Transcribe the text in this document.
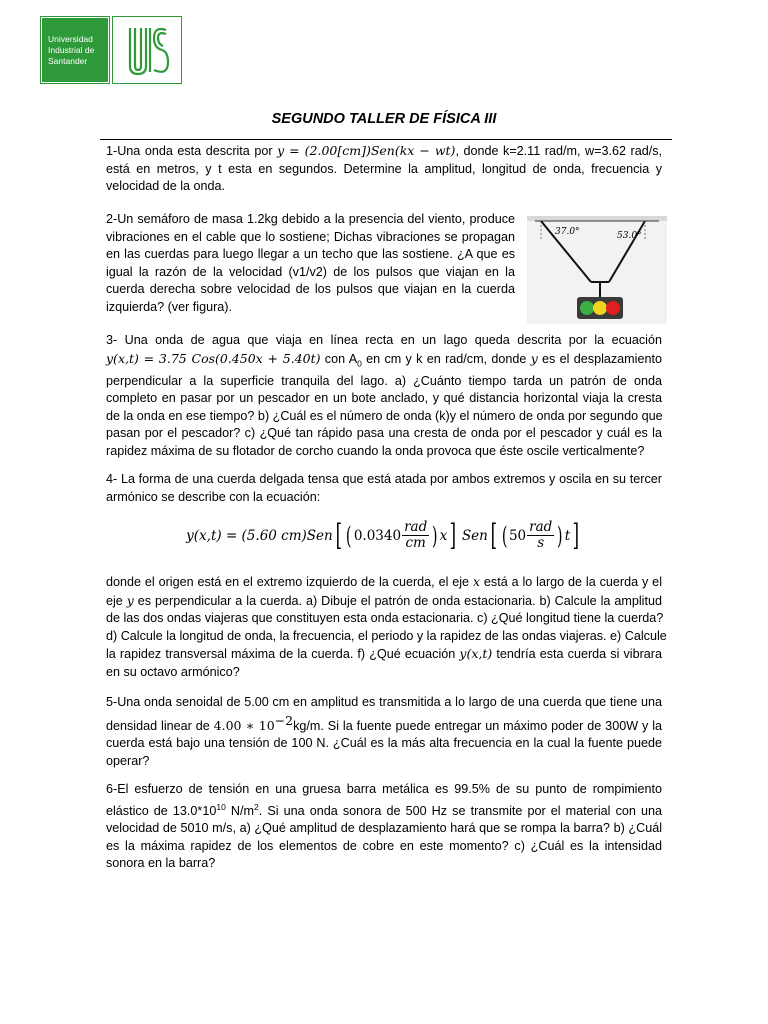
Universidad
Industrial de
Santander
SEGUNDO TALLER DE FÍSICA III
1-Una onda esta descrita por y = (2.00[cm])Sen(kx − wt), donde k=2.11 rad/m, w=3.62 rad/s,
está en metros, y t esta en segundos. Determine la amplitud, longitud de onda, frecuencia y
velocidad de la onda.
2-Un semáforo de masa 1.2kg debido a la presencia del viento, produce
vibraciones en el cable que lo sostiene; Dichas vibraciones se propagan
en las cuerdas para luego llegar a un techo que las sostiene. ¿A que es
igual la razón de la velocidad (v1/v2) de los pulsos que viajan en la
cuerda derecha sobre velocidad de los pulsos que viajan en la cuerda
izquierda? (ver figura).
37.0°	53.0°
3- Una onda de agua que viaja en línea recta en un lago queda descrita por la ecuación
y(x,t) = 3.75 Cos(0.450x + 5.40t) con $A_0$ en cm y k en rad/cm, donde y es el desplazamiento
perpendicular a la superficie tranquila del lago. a) ¿Cuánto tiempo tarda un patrón de onda
completo en pasar por un pescador en un bote anclado, y qué distancia horizontal viaja la cresta
de la onda en ese tiempo? b) ¿Cuál es el número de onda (k)y el número de onda por segundo que
pasan por el pescador? c) ¿Qué tan rápido pasa una cresta de onda por el pescador y cuál es la
rapidez máxima de su flotador de corcho cuando la onda provoca que éste oscile verticalmente?
4- La forma de una cuerda delgada tensa que está atada por ambos extremos y oscila en su tercer
armónico se describe con la ecuación:
y(x,t) = (5.60 cm)Sen [ ( $0.0340 \frac{\text{rad}}{cm}$ ) x ] Sen [ ( $50 \frac{\text{rad}}{s}$ ) t ]
donde el origen está en el extremo izquierdo de la cuerda, el eje x está a lo largo de la cuerda y el
eje y es perpendicular a la cuerda. a) Dibuje el patrón de onda estacionaria. b) Calcule la amplitud
de las dos ondas viajeras que constituyen esta onda estacionaria. c) ¿Qué longitud tiene la cuerda?
d) Calcule la longitud de onda, la frecuencia, el periodo y la rapidez de las ondas viajeras. e) Calcule
la rapidez transversal máxima de la cuerda. f) ¿Qué ecuación y(x,t) tendría esta cuerda si vibrara
en su octavo armónico?
5-Una onda senoidal de 5.00 cm en amplitud es transmitida a lo largo de una cuerda que tiene una
densidad linear de 4.00 ∗ $10^{-2}kg/m$. Si la fuente puede entregar un máximo poder de 300W y la
cuerda está bajo una tensión de 100 N. ¿Cuál es la más alta frecuencia en la cual la fuente puede
operar?
6-El esfuerzo de tensión en una gruesa barra metálica es 99.5% de su punto de rompimiento
elástico de $13.0*10^{10}$ $N/m^2$. Si una onda sonora de 500 Hz se transmite por el material con una
velocidad de 5010 m/s, a) ¿Qué amplitud de desplazamiento hará que se rompa la barra? b) ¿Cuál
es la máxima rapidez de los elementos de cobre en este momento? c) ¿Cuál es la intensidad
sonora en la barra?
